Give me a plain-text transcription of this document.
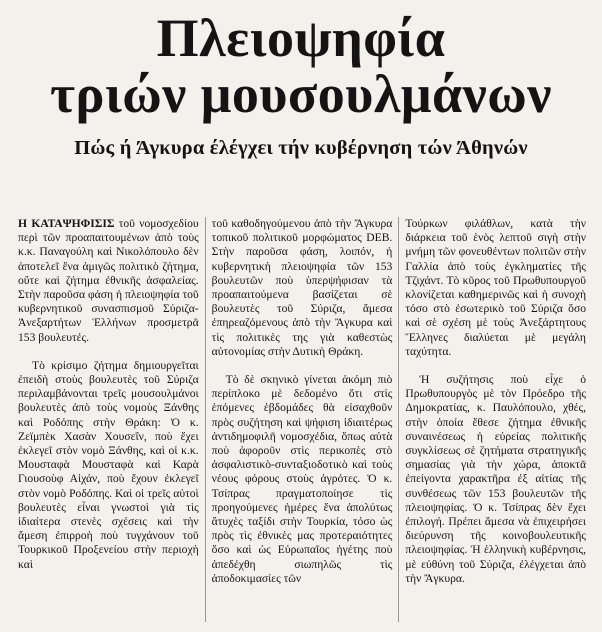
Πλειοψηφία
τριών μουσουλμάνων
Πώς ή Άγκυρα έλέγχει τήν κυβέρνηση τών Άθηνών

Η ΚΑΤΑΨΗΦΙΣΙΣ τοῦ νομοσχεδίου περὶ τῶν προαπαιτουμένων ἀπὸ τοὺς κ.κ. Παναγούλη καὶ Νικολόπουλο δὲν ἀποτελεῖ ἕνα ἁμιγῶς πολιτικὸ ζήτημα, οὔτε καὶ ζήτημα ἐθνικῆς ἀσφαλείας. Στὴν παροῦσα φάση ἡ πλειοψηφία τοῦ κυβερνητικοῦ συνασπισμοῦ Σύριζα-Ἀνεξαρτήτων Ἑλλήνων προσμετρᾶ 153 βουλευτές.

Τὸ κρίσιμο ζήτημα δημιουργεῖται ἐπειδὴ στοὺς βουλευτὲς τοῦ Σύριζα περιλαμβάνονται τρεῖς μουσουλμάνοι βουλευτὲς ἀπὸ τοὺς νομοὺς Ξάνθης καὶ Ροδόπης στὴν Θράκη: Ὁ κ. Ζεϊμπὲκ Χασὰν Χουσεΐν, ποὺ ἔχει ἐκλεγεῖ στὸν νομὸ Ξάνθης, καὶ οἱ κ.κ. Μουσταφὰ Μουσταφὰ καὶ Καρὰ Γιουσοὺφ Αἰχάν, ποὺ ἔχουν ἐκλεγεῖ στὸν νομὸ Ροδόπης. Καὶ οἱ τρεῖς αὐτοὶ βουλευτὲς εἶναι γνωστοὶ γιὰ τὶς ἰδιαίτερα στενὲς σχέσεις καὶ τὴν ἄμεση ἐπιρροὴ ποὺ τυγχάνουν τοῦ Τουρκικοῦ Προξενείου στὴν περιοχὴ καὶ

τοῦ καθοδηγούμενου ἀπὸ τὴν Ἄγκυρα τοπικοῦ πολιτικοῦ μορφώματος DEB. Στὴν παροῦσα φάση, λοιπόν, ἡ κυβερνητικὴ πλειοψηφία τῶν 153 βουλευτῶν ποὺ ὑπερψήφισαν τὰ προαπαιτούμενα βασίζεται σὲ βουλευτὲς τοῦ Σύριζα, ἄμεσα ἐπηρεαζόμενους ἀπὸ τὴν Ἄγκυρα καὶ τὶς πολιτικὲς της γιὰ καθεστὼς αὐτονομίας στὴν Δυτικὴ Θράκη.

Τὸ δὲ σκηνικὸ γίνεται ἀκόμη πιὸ περίπλοκο μὲ δεδομένο ὅτι στὶς ἑπόμενες ἑβδομάδες θὰ εἰσαχθοῦν πρὸς συζήτηση καὶ ψήφιση ἰδιαιτέρως ἀντιδημοφιλῆ νομοσχέδια, ὅπως αὐτὰ ποὺ ἀφοροῦν στὶς περικοπὲς στὸ ἀσφαλιστικὸ-συνταξιοδοτικὸ καὶ τοὺς νέους φόρους στοὺς ἀγρότες. Ὁ κ. Τσίπρας πραγματοποίησε τὶς προηγούμενες ἡμέρες ἕνα ἀπολύτως ἄτυχὲς ταξίδι στὴν Τουρκία, τόσο ὡς πρὸς τὶς ἐθνικὲς μας προτεραιότητες ὅσο καὶ ὡς Εὐρωπαῖος ἡγέτης ποὺ ἀπεδέχθη σιωπηλῶς τὶς ἀποδοκιμασίες τῶν

Τούρκων φιλάθλων, κατὰ τὴν διάρκεια τοῦ ἑνὸς λεπτοῦ σιγὴ στὴν μνήμη τῶν φονευθέντων πολιτῶν στὴν Γαλλία ἀπὸ τοὺς ἐγκληματίες τῆς Τζιχάντ. Τὸ κῦρος τοῦ Πρωθυπουργοῦ κλονίζεται καθημερινῶς καὶ ἡ συνοχὴ τόσο στὸ ἐσωτερικὸ τοῦ Σύριζα ὅσο καὶ σὲ σχέση μὲ τοὺς Ἀνεξάρτητους Ἕλληνες διαλύεται μὲ μεγάλη ταχύτητα.

Ἡ συζήτησις ποὺ εἶχε ὁ Πρωθυπουργὸς μὲ τὸν Πρόεδρο τῆς Δημοκρατίας, κ. Παυλόπουλο, χθές, στὴν ὁποία ἔθεσε ζήτημα ἐθνικῆς συναινέσεως ἡ εὐρείας πολιτικῆς συγκλίσεως σὲ ζητήματα στρατηγικῆς σημασίας γιὰ τὴν χώρα, ἀποκτᾶ ἐπείγοντα χαρακτῆρα ἐξ αἰτίας τῆς συνθέσεως τῶν 153 βουλευτῶν τῆς πλειοψηφίας. Ὁ κ. Τσίπρας δὲν ἔχει ἐπιλογή. Πρέπει ἄμεσα νὰ ἐπιχειρήσει διεύρυνση τῆς κοινοβουλευτικῆς πλειοψηφίας. Ἡ ἑλληνικὴ κυβέρνησις, μὲ εὐθύνη τοῦ Σύριζα, ἐλέγχεται ἀπὸ τὴν Ἄγκυρα.
